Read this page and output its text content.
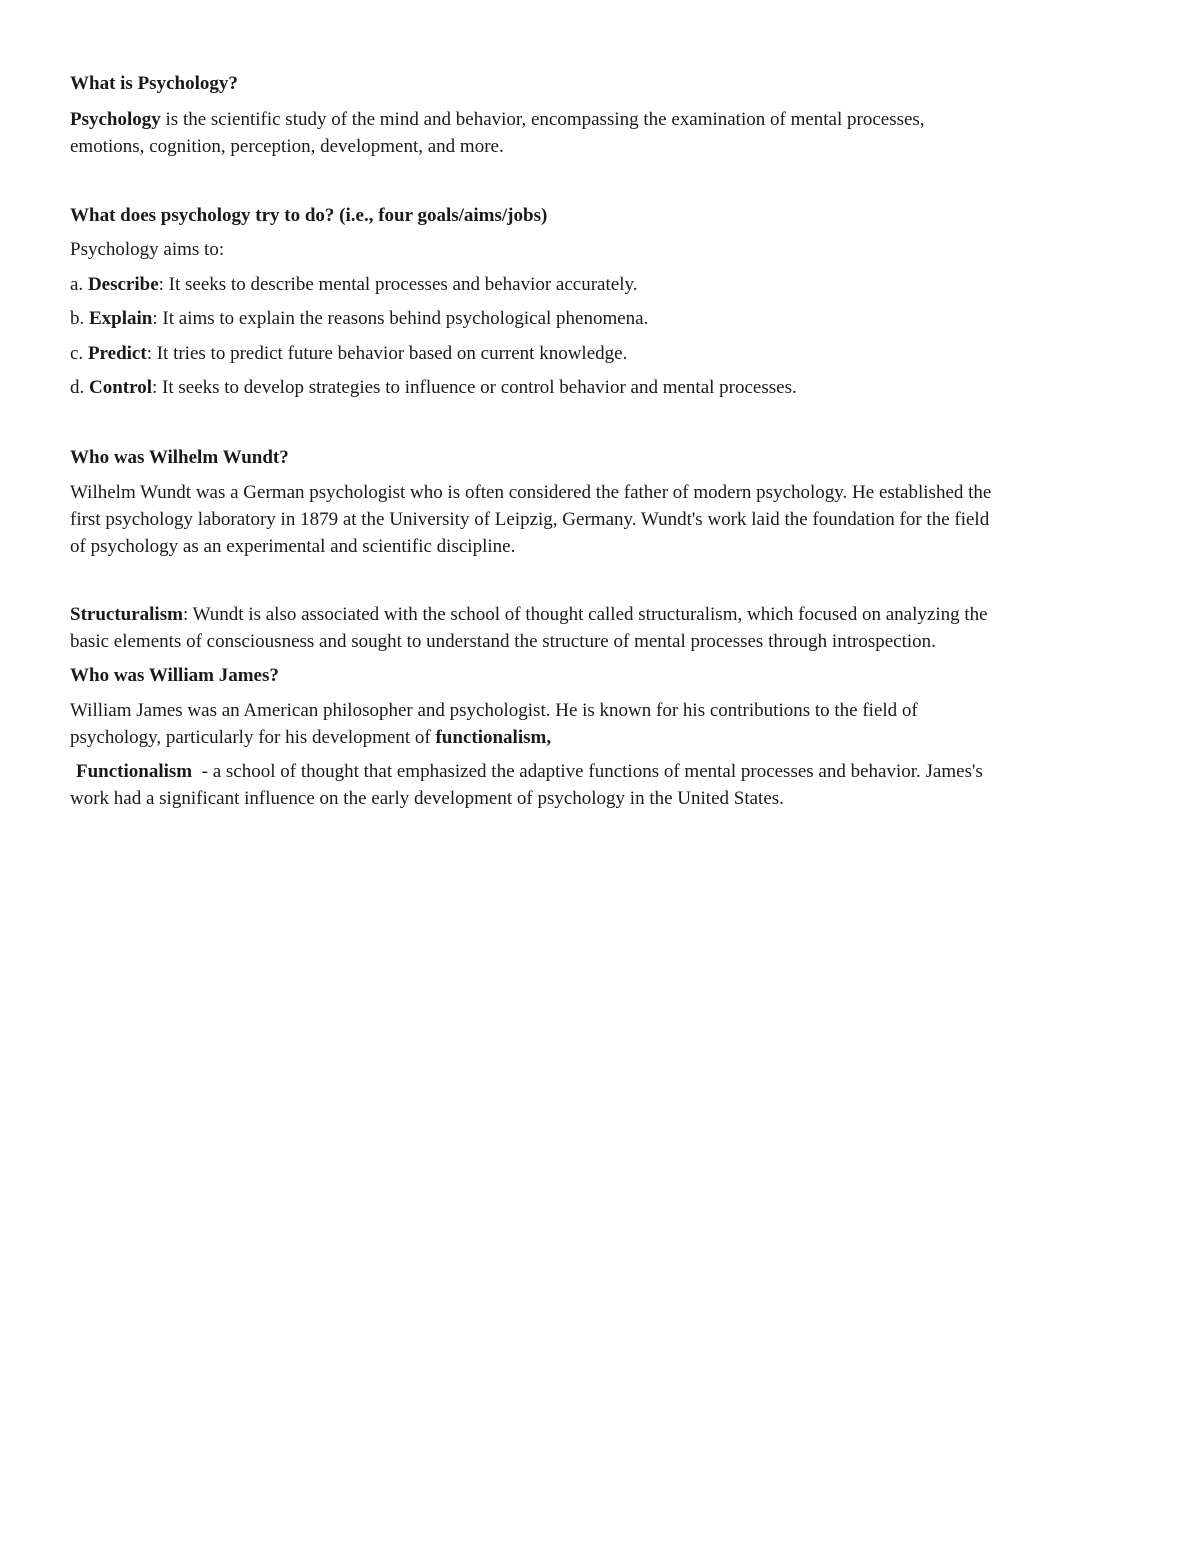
What is Psychology?
Psychology is the scientific study of the mind and behavior, encompassing the examination of mental processes,
emotions, cognition, perception, development, and more.
What does psychology try to do? (i.e., four goals/aims/jobs)
Psychology aims to:
a. Describe: It seeks to describe mental processes and behavior accurately.
b. Explain: It aims to explain the reasons behind psychological phenomena.
c. Predict: It tries to predict future behavior based on current knowledge.
d. Control: It seeks to develop strategies to influence or control behavior and mental processes.
Who was Wilhelm Wundt?
Wilhelm Wundt was a German psychologist who is often considered the father of modern psychology. He established the
first psychology laboratory in 1879 at the University of Leipzig, Germany. Wundt's work laid the foundation for the field
of psychology as an experimental and scientific discipline.
Structuralism: Wundt is also associated with the school of thought called structuralism, which focused on analyzing the
basic elements of consciousness and sought to understand the structure of mental processes through introspection.
Who was William James?
William James was an American philosopher and psychologist. He is known for his contributions to the field of
psychology, particularly for his development of functionalism,
Functionalism  - a school of thought that emphasized the adaptive functions of mental processes and behavior. James's
work had a significant influence on the early development of psychology in the United States.
